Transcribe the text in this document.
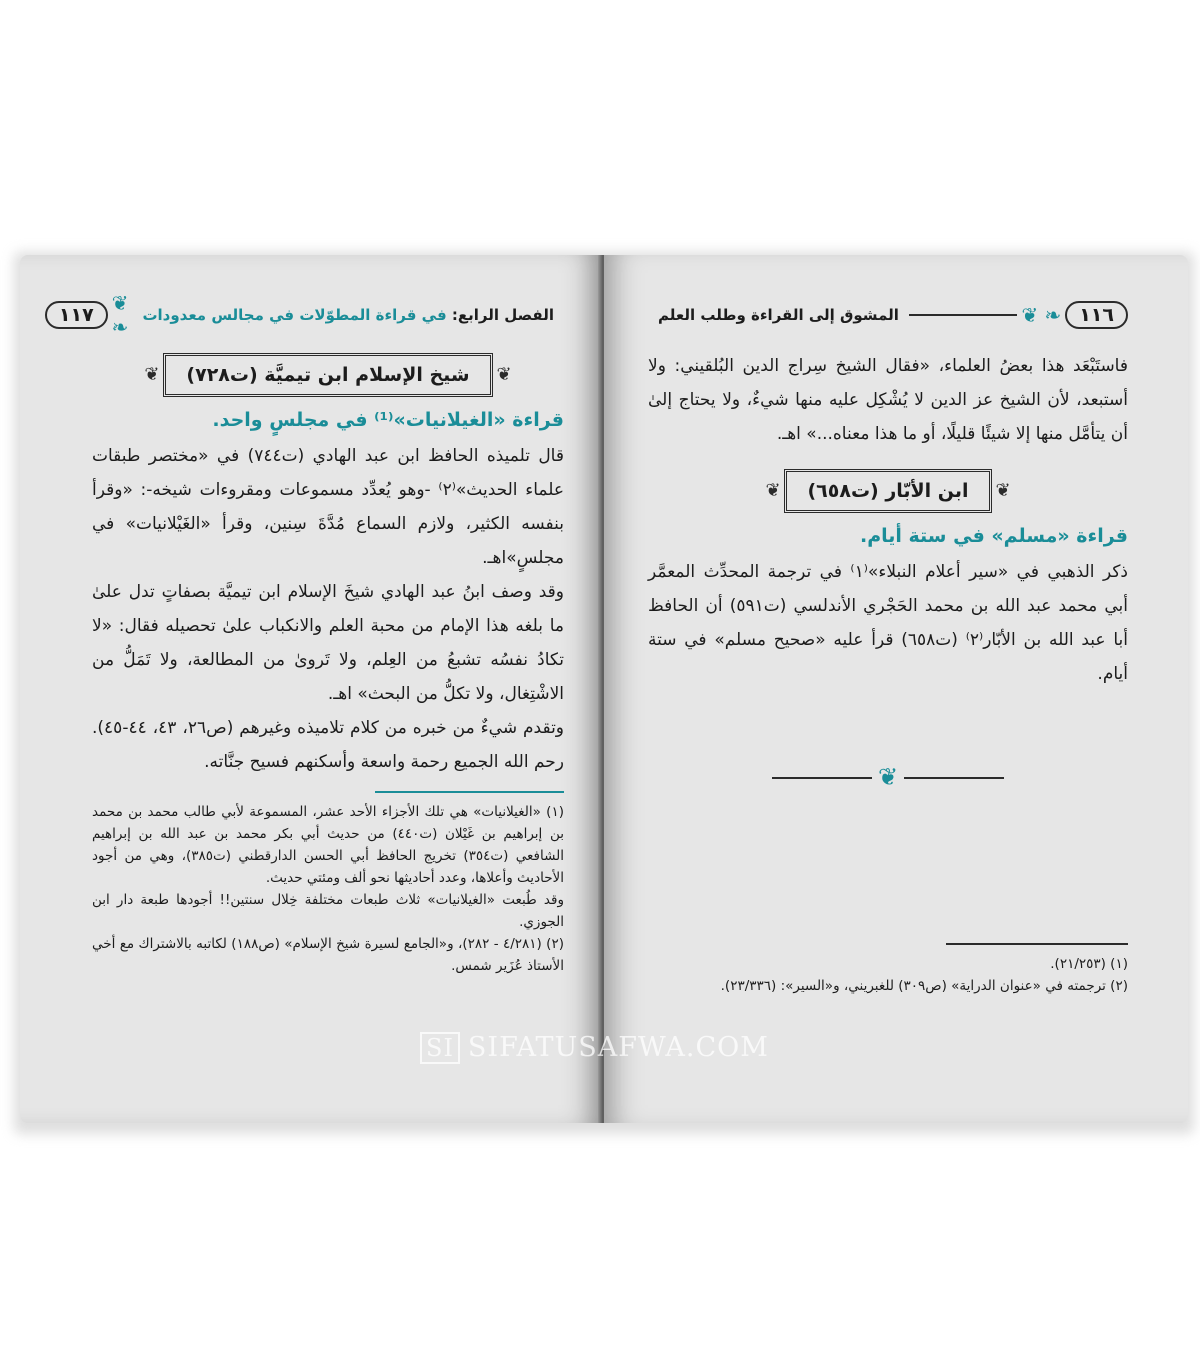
الفصل الرابع: في قراءة المطوّلات في مجالس معدودات
❦ ❧
١١٧
❦ شيخ الإسلام ابن تيميَّة (ت٧٢٨) ❦
قراءة «الغيلانيات»⁽¹⁾ في مجلسٍ واحد.

قال تلميذه الحافظ ابن عبد الهادي (ت٧٤٤) في «مختصر طبقات علماء الحديث»⁽٢⁾ -وهو يُعدِّد مسموعات ومقروءات شيخه-: «وقرأ بنفسه الكثير، ولازم السماع مُدَّةَ سِنين، وقرأ «الغَيْلانيات» في مجلسٍ»اهـ.

وقد وصف ابنُ عبد الهادي شيخَ الإسلام ابن تيميَّة بصفاتٍ تدل علىٰ ما بلغه هذا الإمام من محبة العلم والانكباب علىٰ تحصيله فقال: «لا تكادُ نفسُه تشبعُ من العِلم، ولا تَروىٰ من المطالعة، ولا تَمَلُّ من الاشْتِغال، ولا تكلُّ من البحث» اهـ.

وتقدم شيءٌ من خبره من كلام تلاميذه وغيرهم (ص٢٦، ٤٣، ٤٤-٤٥). رحم الله الجميع رحمة واسعة وأسكنهم فسيح جنَّاته.

(١) «الغيلانيات» هي تلك الأجزاء الأحد عشر، المسموعة لأبي طالب محمد بن محمد بن إبراهيم بن غَيْلان (ت٤٤٠) من حديث أبي بكر محمد بن عبد الله بن إبراهيم الشافعي (ت٣٥٤) تخريج الحافظ أبي الحسن الدارقطني (ت٣٨٥)، وهي من أجود الأحاديث وأعلاها، وعدد أحاديثها نحو ألف ومئتي حديث.

وقد طُبعت «الغيلانيات» ثلاث طبعات مختلفة خِلال سنتين!! أجودها طبعة دار ابن الجوزي.

(٢) (٤/٢٨١ - ٢٨٢)، و«الجامع لسيرة شيخ الإسلام» (ص١٨٨) لكاتبه بالاشتراك مع أخي الأستاذ عُزَير شمس.

١١٦
❧ ❦
المشوق إلى القراءة وطلب العلم

فاستَبْعَد هذا بعضُ العلماء، «فقال الشيخ سِراج الدين البُلقيني: ولا أستبعد، لأن الشيخ عز الدين لا يُشْكِل عليه منها شيءٌ، ولا يحتاج إلىٰ أن يتأمَّل منها إلا شيئًا قليلًا، أو ما هذا معناه...» اهـ.

❦ ابن الأبّار (ت٦٥٨) ❦
قراءة «مسلم» في ستة أيام.

ذكر الذهبي في «سير أعلام النبلاء»⁽١⁾ في ترجمة المحدِّث المعمَّر أبي محمد عبد الله بن محمد الحَجْري الأندلسي (ت٥٩١) أن الحافظ أبا عبد الله بن الأبّار⁽٢⁾ (ت٦٥٨) قرأ عليه «صحيح مسلم» في ستة أيام.

❦

(١) (٢١/٢٥٣).

(٢) ترجمته في «عنوان الدراية» (ص٣٠٩) للغبريني، و«السير»: (٢٣/٣٣٦).

SI SIFATUSAFWA.COM
